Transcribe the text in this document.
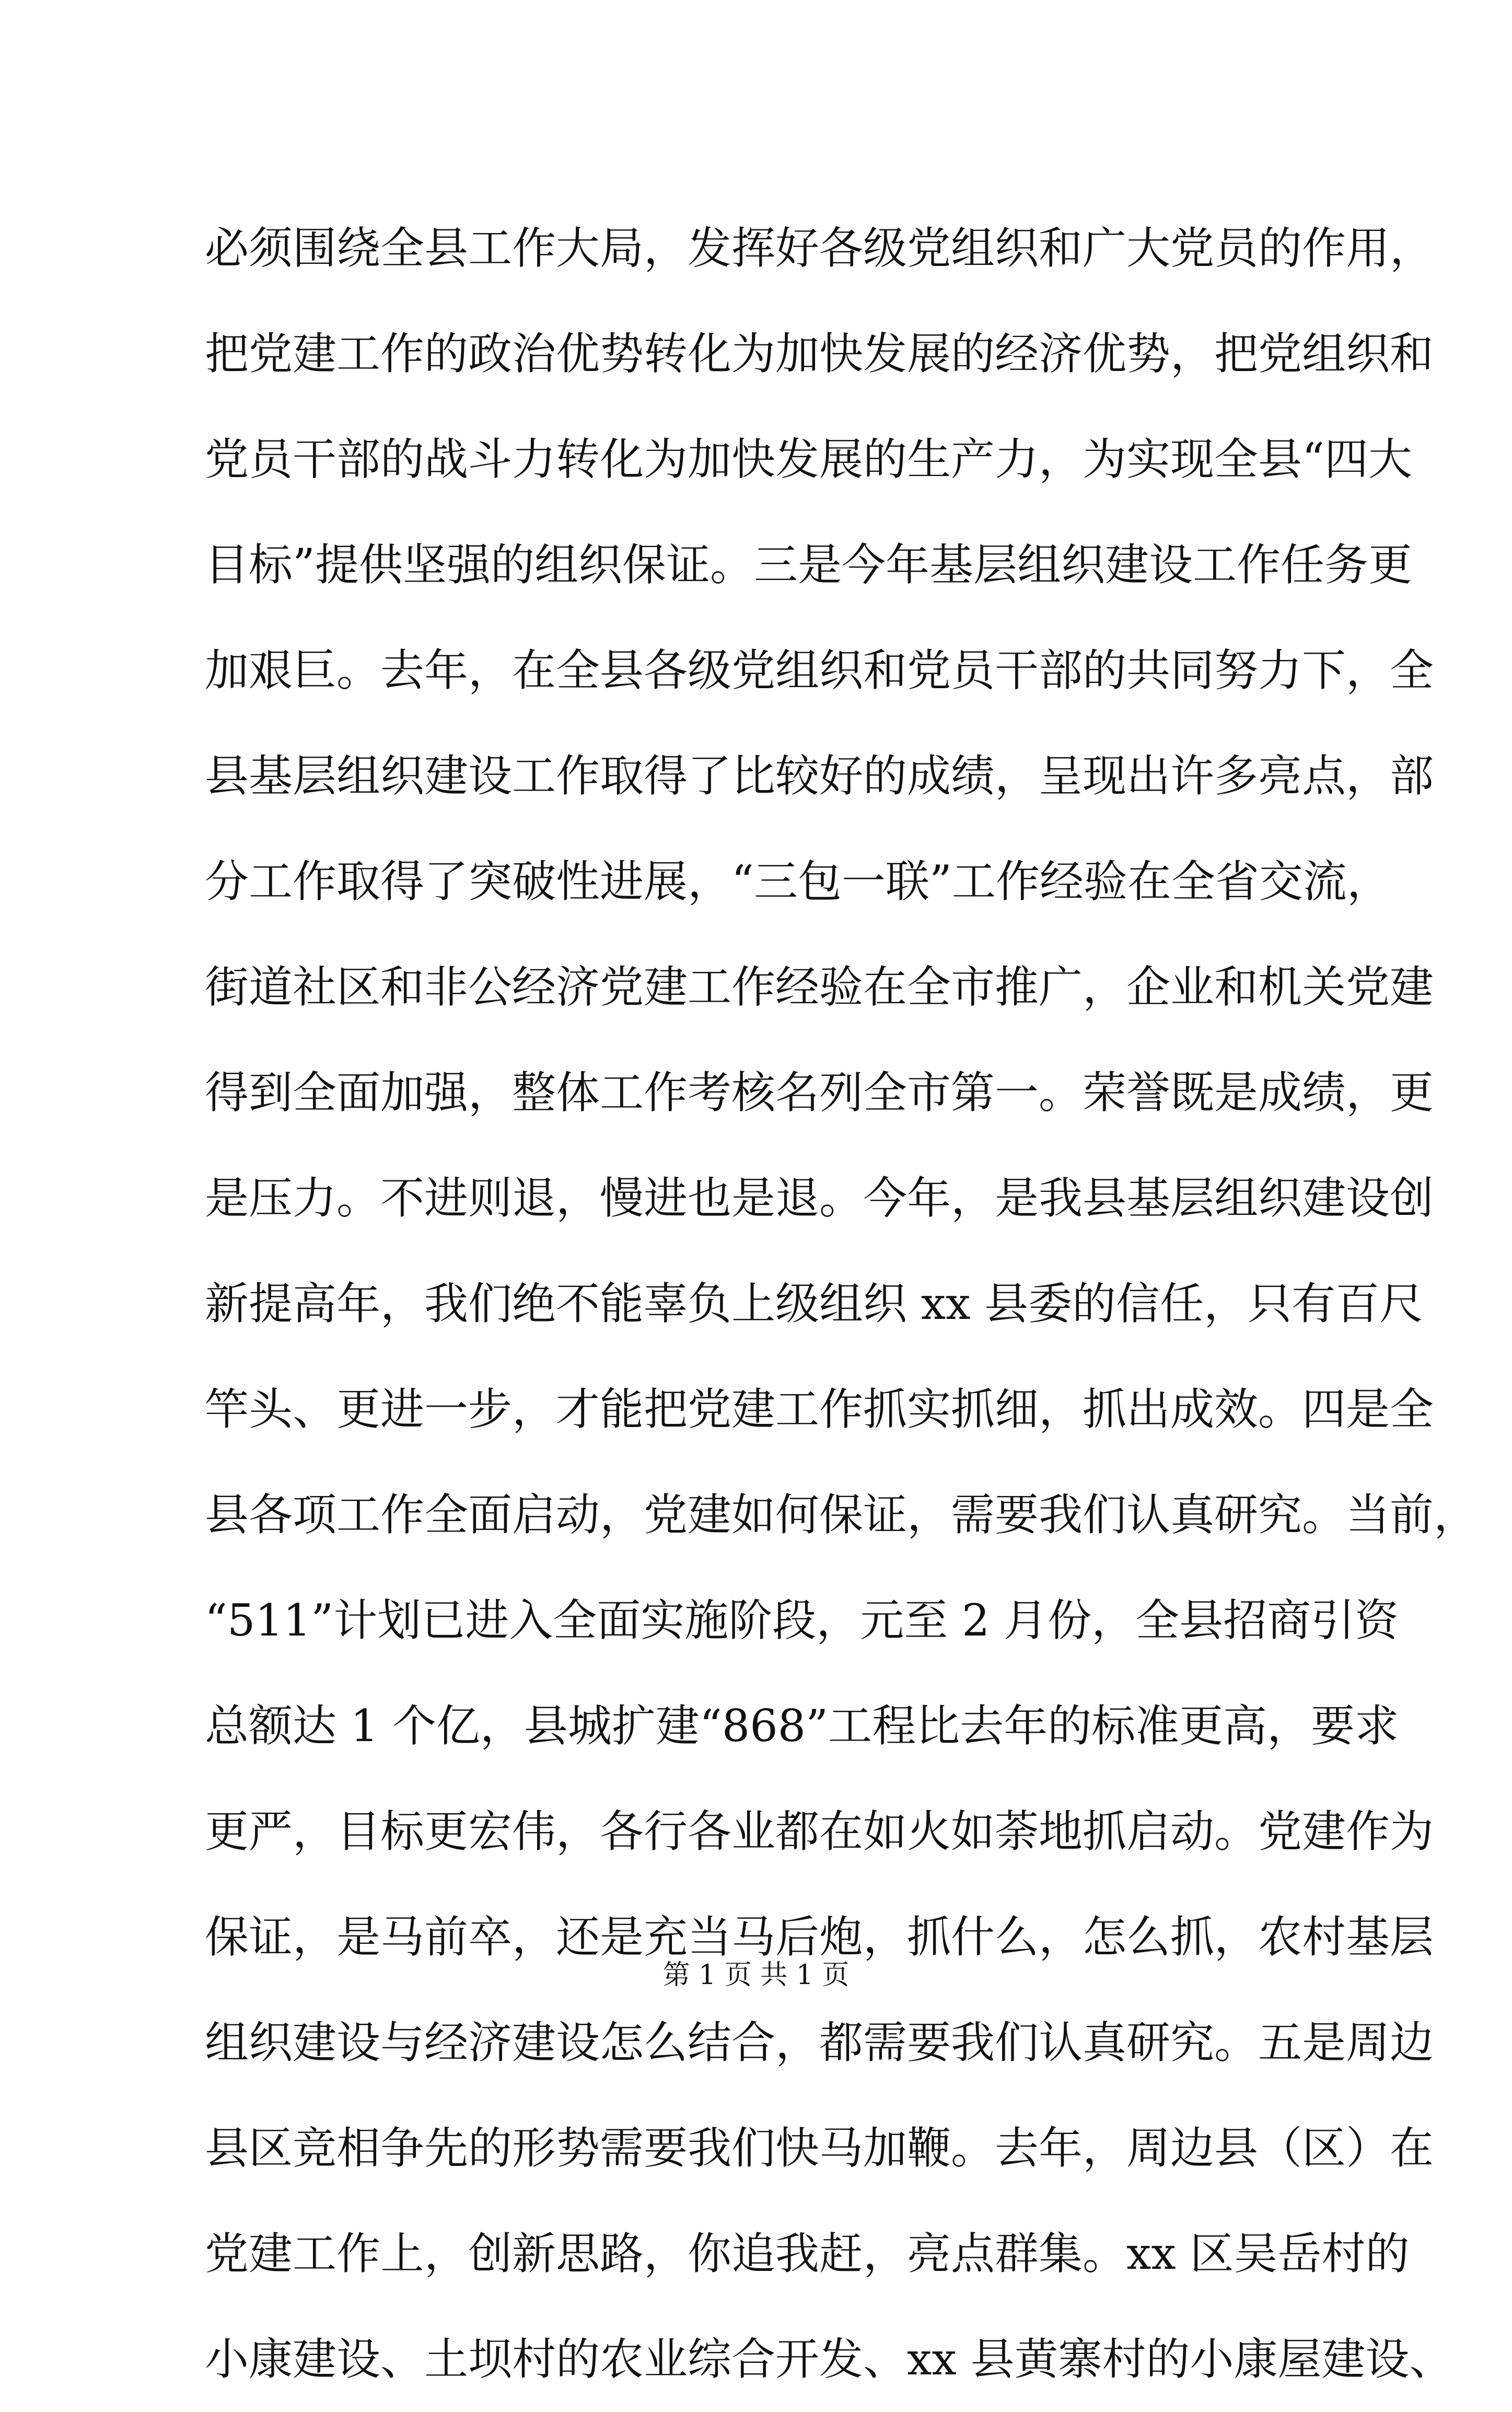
必须围绕全县工作大局，发挥好各级党组织和广大党员的作用，
把党建工作的政治优势转化为加快发展的经济优势，把党组织和
党员干部的战斗力转化为加快发展的生产力，为实现全县“四大
目标”提供坚强的组织保证。三是今年基层组织建设工作任务更
加艰巨。去年，在全县各级党组织和党员干部的共同努力下，全
县基层组织建设工作取得了比较好的成绩，呈现出许多亮点，部
分工作取得了突破性进展，“三包一联”工作经验在全省交流，
街道社区和非公经济党建工作经验在全市推广，企业和机关党建
得到全面加强，整体工作考核名列全市第一。荣誉既是成绩，更
是压力。不进则退，慢进也是退。今年，是我县基层组织建设创
新提高年，我们绝不能辜负上级组织 xx 县委的信任，只有百尺
竿头、更进一步，才能把党建工作抓实抓细，抓出成效。四是全
县各项工作全面启动，党建如何保证，需要我们认真研究。当前，
“511”计划已进入全面实施阶段，元至 2 月份，全县招商引资
总额达 1 个亿，县城扩建“868”工程比去年的标准更高，要求
更严，目标更宏伟，各行各业都在如火如荼地抓启动。党建作为
保证，是马前卒，还是充当马后炮，抓什么，怎么抓，农村基层
组织建设与经济建设怎么结合，都需要我们认真研究。五是周边
县区竞相争先的形势需要我们快马加鞭。去年，周边县（区）在
党建工作上，创新思路，你追我赶，亮点群集。xx 区吴岳村的
小康建设、土坝村的农业综合开发、xx 县黄寨村的小康屋建设、
第 1 页 共 1 页
